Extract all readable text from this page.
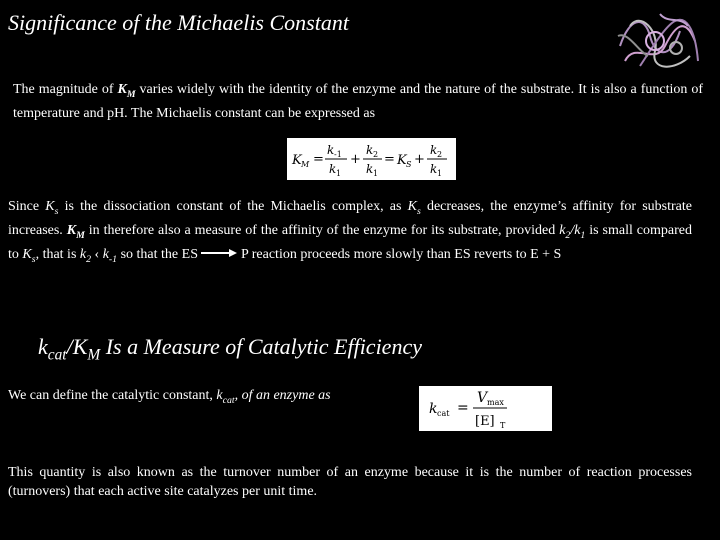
Significance of the Michaelis Constant
The magnitude of $K_M$ varies widely with the identity of the enzyme and the nature of the substrate. It is also a function of temperature and pH. The Michaelis constant can be expressed as
K M =
k -1
k 1
+
k 2
k 1
= K S +
k 2
k 1
Since $K_s$ is the dissociation constant of the Michaelis complex, as $K_s$ decreases, the enzyme’s affinity for substrate increases. $K_M$ in therefore also a measure of the affinity of the enzyme for its substrate, provided $k_2/k_1$ is small compared to $K_s$, that is $k_2$ ‹ $k_{-1}$ so that the ES → P reaction proceeds more slowly than ES reverts to E + S
$k_{cat}/K_M$ Is a Measure of Catalytic Efficiency
We can define the catalytic constant, $k_{cat}$, of an enzyme as
k cat =
V max
[E] T
This quantity is also known as the turnover number of an enzyme because it is the number of reaction processes (turnovers) that each active site catalyzes per unit time.
